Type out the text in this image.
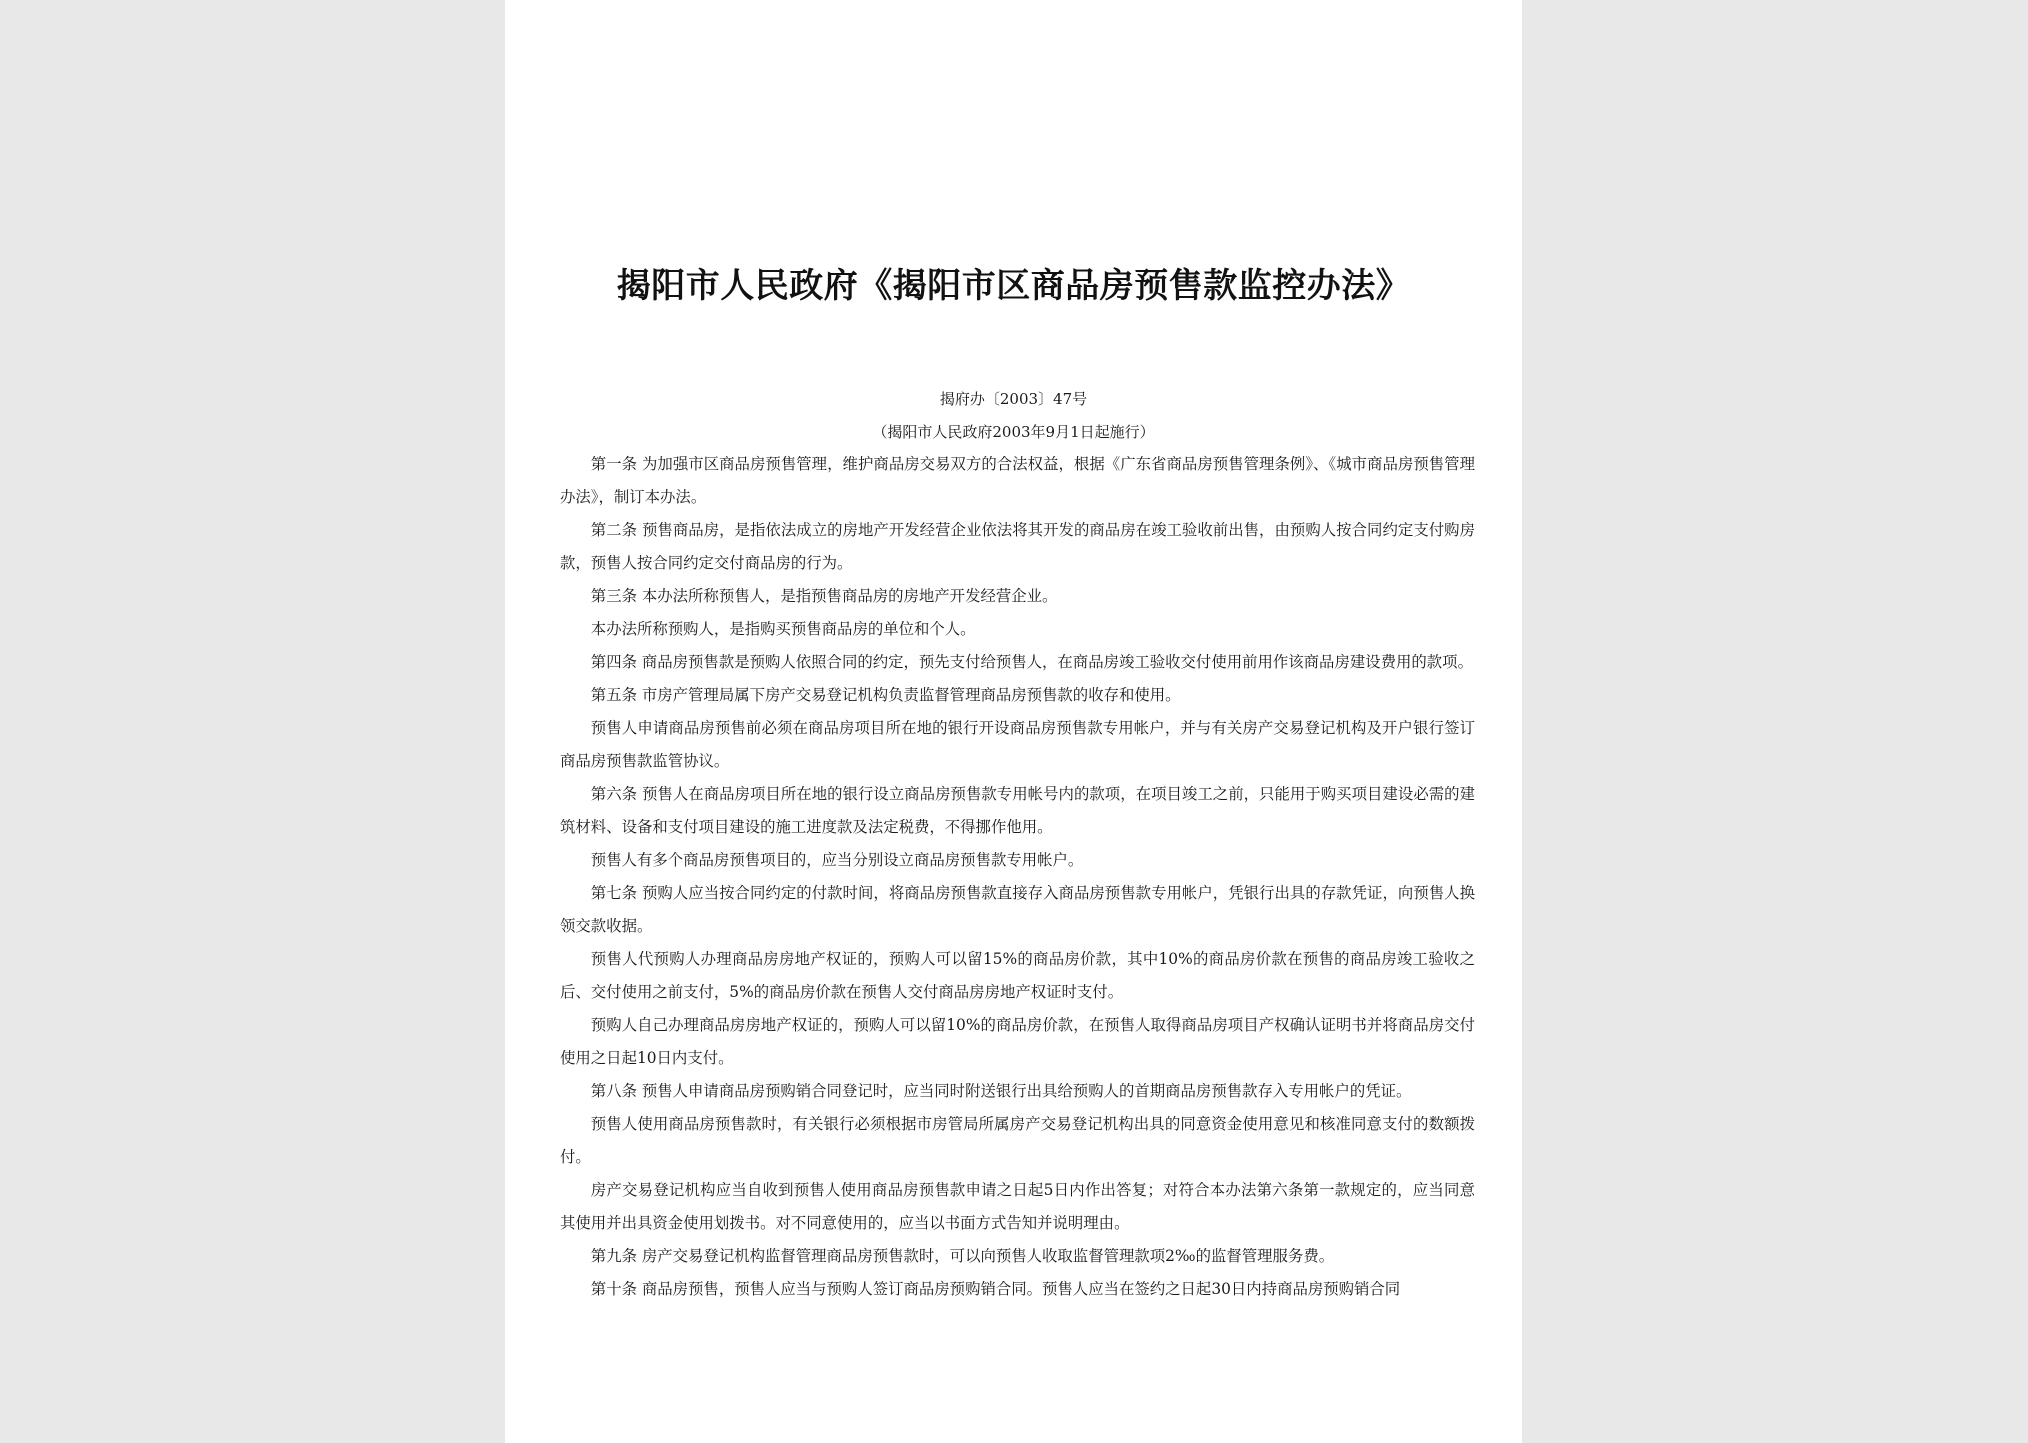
揭阳市人民政府《揭阳市区商品房预售款监控办法》
揭府办〔2003〕47号
（揭阳市人民政府2003年9月1日起施行）

第一条 为加强市区商品房预售管理，维护商品房交易双方的合法权益，根据《广东省商品房预售管理条例》、《城市商品房预售管理办法》，制订本办法。

第二条 预售商品房，是指依法成立的房地产开发经营企业依法将其开发的商品房在竣工验收前出售，由预购人按合同约定支付购房款，预售人按合同约定交付商品房的行为。

第三条 本办法所称预售人，是指预售商品房的房地产开发经营企业。

本办法所称预购人，是指购买预售商品房的单位和个人。

第四条 商品房预售款是预购人依照合同的约定，预先支付给预售人，在商品房竣工验收交付使用前用作该商品房建设费用的款项。

第五条 市房产管理局属下房产交易登记机构负责监督管理商品房预售款的收存和使用。

预售人申请商品房预售前必须在商品房项目所在地的银行开设商品房预售款专用帐户，并与有关房产交易登记机构及开户银行签订商品房预售款监管协议。

第六条 预售人在商品房项目所在地的银行设立商品房预售款专用帐号内的款项，在项目竣工之前，只能用于购买项目建设必需的建筑材料、设备和支付项目建设的施工进度款及法定税费，不得挪作他用。

预售人有多个商品房预售项目的，应当分别设立商品房预售款专用帐户。

第七条 预购人应当按合同约定的付款时间，将商品房预售款直接存入商品房预售款专用帐户，凭银行出具的存款凭证，向预售人换领交款收据。

预售人代预购人办理商品房房地产权证的，预购人可以留15%的商品房价款，其中10%的商品房价款在预售的商品房竣工验收之后、交付使用之前支付，5%的商品房价款在预售人交付商品房房地产权证时支付。

预购人自己办理商品房房地产权证的，预购人可以留10%的商品房价款，在预售人取得商品房项目产权确认证明书并将商品房交付使用之日起10日内支付。

第八条 预售人申请商品房预购销合同登记时，应当同时附送银行出具给预购人的首期商品房预售款存入专用帐户的凭证。

预售人使用商品房预售款时，有关银行必须根据市房管局所属房产交易登记机构出具的同意资金使用意见和核准同意支付的数额拨付。

房产交易登记机构应当自收到预售人使用商品房预售款申请之日起5日内作出答复；对符合本办法第六条第一款规定的，应当同意其使用并出具资金使用划拨书。对不同意使用的，应当以书面方式告知并说明理由。

第九条 房产交易登记机构监督管理商品房预售款时，可以向预售人收取监督管理款项2‰的监督管理服务费。

第十条 商品房预售，预售人应当与预购人签订商品房预购销合同。预售人应当在签约之日起30日内持商品房预购销合同
